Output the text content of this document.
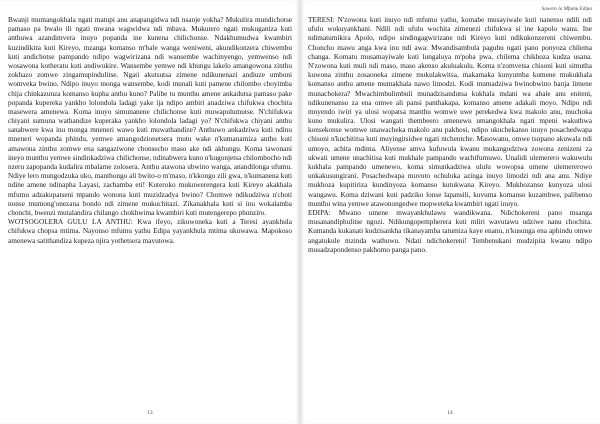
Bwanji mumangokhala ngati matupi anu anapangidwa ndi nsanje yokha? Mukulira mundichotse pamaso pa bwalo ili ngati mwana wagwidwa ndi mbava. Mukutero ngati mukuganiza kuti anthuwa azandimvera inuyo popanda ine kunena chilichonse. Ndakhumudwa kwambiri kuzindikira kuti Kireyo, mzanga komanso m'bale wanga weniweni, akundikonzera chiwembu kuti andichotse pampando ndipo wagwirizana ndi wansembe wachinyengo, yemwenso ndi wosawona kotheratu kuti andiwukire. Wansembe yemwe ndi khungu lakelo amangowona zinthu zokhazo zomwe zingamupindulitse. Ngati akutsutsa zimene ndikunenazi andiuze umboni womveka bwino. Ndipo inuyo monga wansembe, kodi munali kuti pamene chilombo choyimba chija chinkazunza komanso kupha anthu kuno? Palibe tu munthu amene ankadutsa pamaso pake popanda kupereka yankho lolondola ladagi yake ija ndipo ambiri anadziwa chifukwa chochita masewera amenewa. Koma inuyo simunanene chilichonse kuti muwapulumutse. N'chifukwa chiyani sumuna wathandize kuperaka yankho lolondola ladagi yo? N'chifukwa chiyani anthu sanabwere kwa inu monga mneneri wawo kuti muwathandize? Anthuwo ankadziwa kuti ndinu mneneri wopanda phindu, yemwe amangodzionetsera mutu wake n'kumanamiza anthu kuti amawona zinthu zomwe ena sangaziwone chonsecho maso ake ndi akhungu. Koma tawonani ineyo munthu yemwe sindinkadziwa chilichonse, ndinabwera kuno n'kugonjetsa chilombocho ndi nzeru zapopanda kudalira mbalame zolosera. Anthu atawona ubwino wanga, anandilonga ufumu. Ndiye lero mungodzuka uko, manthongo ali bwito-o m'maso, n'kkongo zili gwa, n'kumanena kuti ndine amene ndinapha Layasi, zachamba eti! Kuteroko mukuwerengera kuti Kireyo akakhala mfumu adzakupatseni mpando wonona kuti muzidzadya bwino? Chomwe ndikudziwa n'choti nonse mumong'onezana bondo ndi zimene mukuchitazi. Zikanakhala kuti si inu wokalamba chonchi, bwenzi mutalandira chilango chokhwima kwambiri kuti mutengerepo phunziro.

WOTSOGOLERA GULU LA ANTHU: Kwa ifeyo, zikuwoneka kuti a Teresi ayankhula chifukwa chopsa mtima. Nayonso mfumu yathu Edipa yayankhula mtima ukuwawa. Mapokoso amenewa satithandiza kupeza njira yothetsera mavutowa.

13
Sawero la Mfumu Edipa

TERESI: N'zowona kuti inuyo ndi mfumu yathu, komabe musayiwale kuti nanenso ndili ndi ufulu wokuyankhani. Ndili ndi ufulu wochita zimenezi chifukwa si ine kapolo wanu. Ine ndimatumikira Apolo, ndipo sindingagwirizane ndi Kireyo kuti ndikukonzereni chiwembu. Choncho mawu anga kwa inu ndi awa: Mwandisambula paguhu ngati pano ponyoza chilema changa. Komatu musamayiwale kuti lungaluya m'poba pwa, chilema chikhoza kudza usana. N'zowona kuti muli ndi maso, maso akenso akuluakulu. Koma n'zomvetsa chisoni kuti simutha kuwona zinthu zosaoneka zimene mukulakwitsa, makamaka kunyumba kumene mukukhala komanso anthu amene mumakhala nawo limodzi. Kodi mumadziwa bwinobwino banja limene munachokera? Mwachimbulimbuli munadzisandutsa kukhala mdani wa abale anu eniteni, ndikunenanso za ena omwe ali pansi panthakapa, komanso amene adakali moyo. Ndipo ndi mnyendo iwiri ya ulosi wopatsa manthu womwe uwe perekedwa kwa makolo anu, muchoka kuno mukulira. Ulosi wangati thembeero umenewu umangokhala ngati mpeni wakuthwa konsekonse womwe unawacheka makolo anu pakhosi, ndipo ukuchekanso inuyo posachedwapa chisoni n'kuchititsa kuti muyingitsidwe ngati ntchentche. Masowanu, omwe tsopano akuwala ndi umoyo, achita mdima. Aliyense amva kufuwula kwanu mukangodziwa zowona zenizeni za ukwati umene unachitisa kuti mukhale pampando wachifumuwo. Unalidi ulemerero wakuwulu kukhala pampando umenewo, koma simunkadziwa ululu wowopsa umene ulemererowo unkakusungirani. Posachedwapa muvuto ochuluka azinga inuyo limodzi ndi ana anu. Ndiye mukhoza kupitiriza kundinyoza komanso kutukwana Kireyo. Mukhozanso kunyoza ulosi wangawu. Koma dziwani kuti padziko lonse lapansili, kuvuma komanso kuzambwe, palibenso munthu wina yemwe atawonongedwe mopweteka kwambiri ngati inuyo.

EDIPA: Mwano umene mwayankhulawu wandikwana. Ndichokereni pano msanga musanandiphulitse ngozi. Ndikungopempherera kuti mliri wavutawu udziwe nanu chochita. Kumanda kukanati kudzisankha tikanayamba tatumiza kaye enanu, n'kusunga ena aphindu omwe angatukule mzinda wathuwu. Ndati ndichokereni! Tembenukani mudzipita kwanu ndipo musadzapondenso pakhomo panga pano.

14
